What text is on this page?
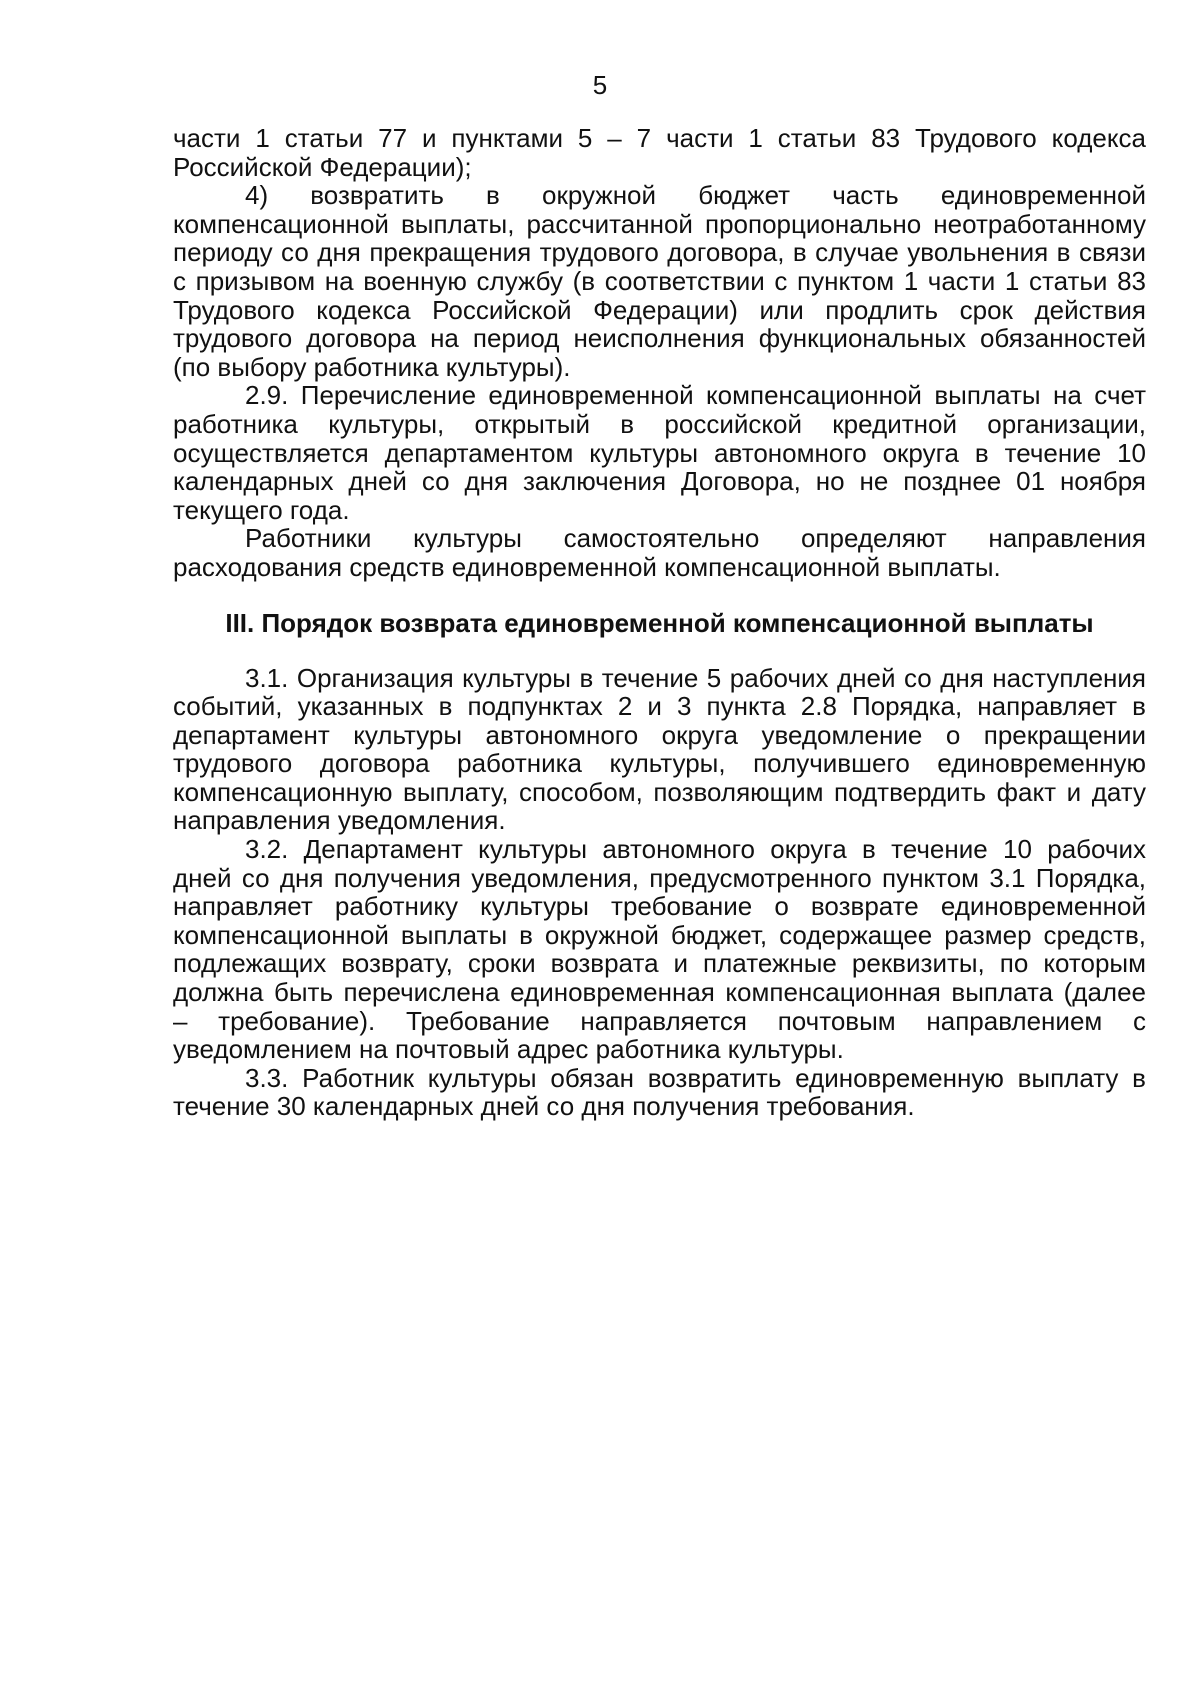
5

части 1 статьи 77 и пунктами 5 – 7 части 1 статьи 83 Трудового кодекса Российской Федерации);

4) возвратить в окружной бюджет часть единовременной компенсационной выплаты, рассчитанной пропорционально неотработанному периоду со дня прекращения трудового договора, в случае увольнения в связи с призывом на военную службу (в соответствии с пунктом 1 части 1 статьи 83 Трудового кодекса Российской Федерации) или продлить срок действия трудового договора на период неисполнения функциональных обязанностей (по выбору работника культуры).

2.9. Перечисление единовременной компенсационной выплаты на счет работника культуры, открытый в российской кредитной организации, осуществляется департаментом культуры автономного округа в течение 10 календарных дней со дня заключения Договора, но не позднее 01 ноября текущего года.

Работники культуры самостоятельно определяют направления расходования средств единовременной компенсационной выплаты.

III. Порядок возврата единовременной компенсационной выплаты

3.1. Организация культуры в течение 5 рабочих дней со дня наступления событий, указанных в подпунктах 2 и 3 пункта 2.8 Порядка, направляет в департамент культуры автономного округа уведомление о прекращении трудового договора работника культуры, получившего единовременную компенсационную выплату, способом, позволяющим подтвердить факт и дату направления уведомления.

3.2. Департамент культуры автономного округа в течение 10 рабочих дней со дня получения уведомления, предусмотренного пунктом 3.1 Порядка, направляет работнику культуры требование о возврате единовременной компенсационной выплаты в окружной бюджет, содержащее размер средств, подлежащих возврату, сроки возврата и платежные реквизиты, по которым должна быть перечислена единовременная компенсационная выплата (далее – требование). Требование направляется почтовым направлением с уведомлением на почтовый адрес работника культуры.

3.3. Работник культуры обязан возвратить единовременную выплату в течение 30 календарных дней со дня получения требования.
